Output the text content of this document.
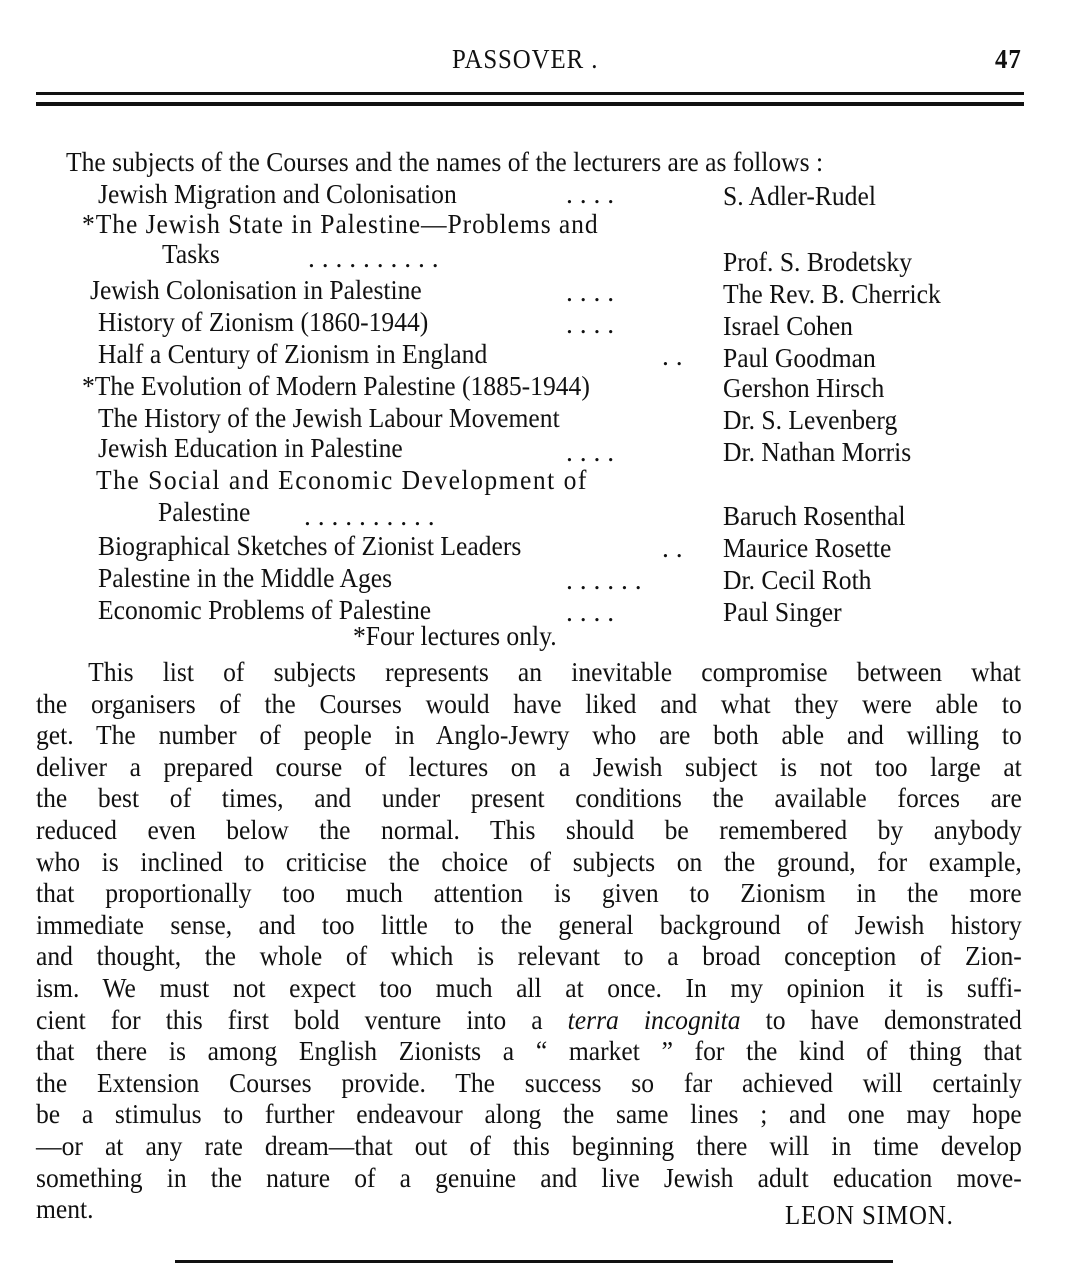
PASSOVER .	47
The subjects of the Courses and the names of the lecturers are as follows :
Jewish Migration and Colonisation	. . . .	S. Adler-Rudel
*The Jewish State in Palestine—Problems and
Tasks	. . . . . . . . . .	Prof. S. Brodetsky
Jewish Colonisation in Palestine	. . . .	The Rev. B. Cherrick
History of Zionism (1860-1944)	. . . .	Israel Cohen
Half a Century of Zionism in England	. . Paul Goodman
*The Evolution of Modern Palestine (1885-1944)	Gershon Hirsch
The History of the Jewish Labour Movement	Dr. S. Levenberg
Jewish Education in Palestine	. . . .	Dr. Nathan Morris
The Social and Economic Development of
Palestine . . . . . . . . . .	Baruch Rosenthal
Biographical Sketches of Zionist Leaders	. . Maurice Rosette
Palestine in the Middle Ages	. . . . . .	Dr. Cecil Roth
Economic Problems of Palestine	. . . .	Paul Singer
*Four lectures only.
This list of subjects represents an inevitable compromise between what
the organisers of the Courses would have liked and what they were able to
get. The number of people in Anglo-Jewry who are both able and willing to
deliver a prepared course of lectures on a Jewish subject is not too large at
the best of times, and under present conditions the available forces are
reduced even below the normal. This should be remembered by anybody
who is inclined to criticise the choice of subjects on the ground, for example,
that proportionally too much attention is given to Zionism in the more
immediate sense, and too little to the general background of Jewish history
and thought, the whole of which is relevant to a broad conception of Zion-
ism. We must not expect too much all at once. In my opinion it is suffi-
cient for this first bold venture into a terra incognita to have demonstrated
that there is among English Zionists a “ market ” for the kind of thing that
the Extension Courses provide. The success so far achieved will certainly
be a stimulus to further endeavour along the same lines ; and one may hope
—or at any rate dream—that out of this beginning there will in time develop
something in the nature of a genuine and live Jewish adult education move-
ment.	LEON SIMON.
